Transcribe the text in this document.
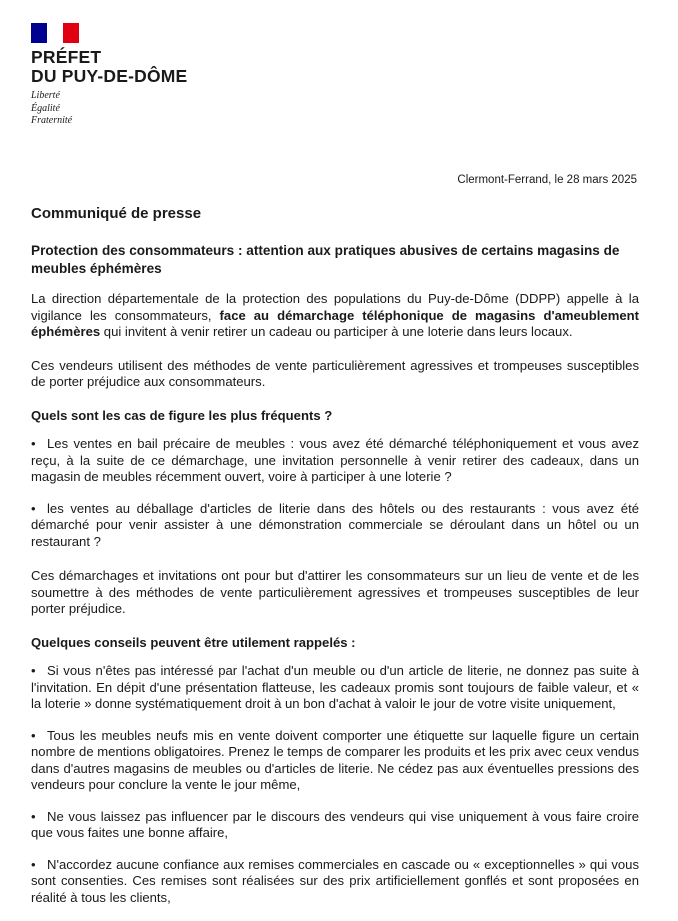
PRÉFET
DU PUY-DE-DÔME
Liberté
Égalité
Fraternité
Clermont-Ferrand, le 28 mars 2025
Communiqué de presse
Protection des consommateurs : attention aux pratiques abusives de certains magasins de meubles éphémères

La direction départementale de la protection des populations du Puy-de-Dôme (DDPP) appelle à la vigilance les consommateurs, face au démarchage téléphonique de magasins d'ameublement éphémères qui invitent à venir retirer un cadeau ou participer à une loterie dans leurs locaux.

Ces vendeurs utilisent des méthodes de vente particulièrement agressives et trompeuses susceptibles de porter préjudice aux consommateurs.

Quels sont les cas de figure les plus fréquents ?

• Les ventes en bail précaire de meubles : vous avez été démarché téléphoniquement et vous avez reçu, à la suite de ce démarchage, une invitation personnelle à venir retirer des cadeaux, dans un magasin de meubles récemment ouvert, voire à participer à une loterie ?

• les ventes au déballage d'articles de literie dans des hôtels ou des restaurants : vous avez été démarché pour venir assister à une démonstration commerciale se déroulant dans un hôtel ou un restaurant ?

Ces démarchages et invitations ont pour but d'attirer les consommateurs sur un lieu de vente et de les soumettre à des méthodes de vente particulièrement agressives et trompeuses susceptibles de leur porter préjudice.

Quelques conseils peuvent être utilement rappelés :

• Si vous n'êtes pas intéressé par l'achat d'un meuble ou d'un article de literie, ne donnez pas suite à l'invitation. En dépit d'une présentation flatteuse, les cadeaux promis sont toujours de faible valeur, et « la loterie » donne systématiquement droit à un bon d'achat à valoir le jour de votre visite uniquement,

• Tous les meubles neufs mis en vente doivent comporter une étiquette sur laquelle figure un certain nombre de mentions obligatoires. Prenez le temps de comparer les produits et les prix avec ceux vendus dans d'autres magasins de meubles ou d'articles de literie. Ne cédez pas aux éventuelles pressions des vendeurs pour conclure la vente le jour même,

• Ne vous laissez pas influencer par le discours des vendeurs qui vise uniquement à vous faire croire que vous faites une bonne affaire,

• N'accordez aucune confiance aux remises commerciales en cascade ou « exceptionnelles » qui vous sont consenties. Ces remises sont réalisées sur des prix artificiellement gonflés et sont proposées en réalité à tous les clients,
